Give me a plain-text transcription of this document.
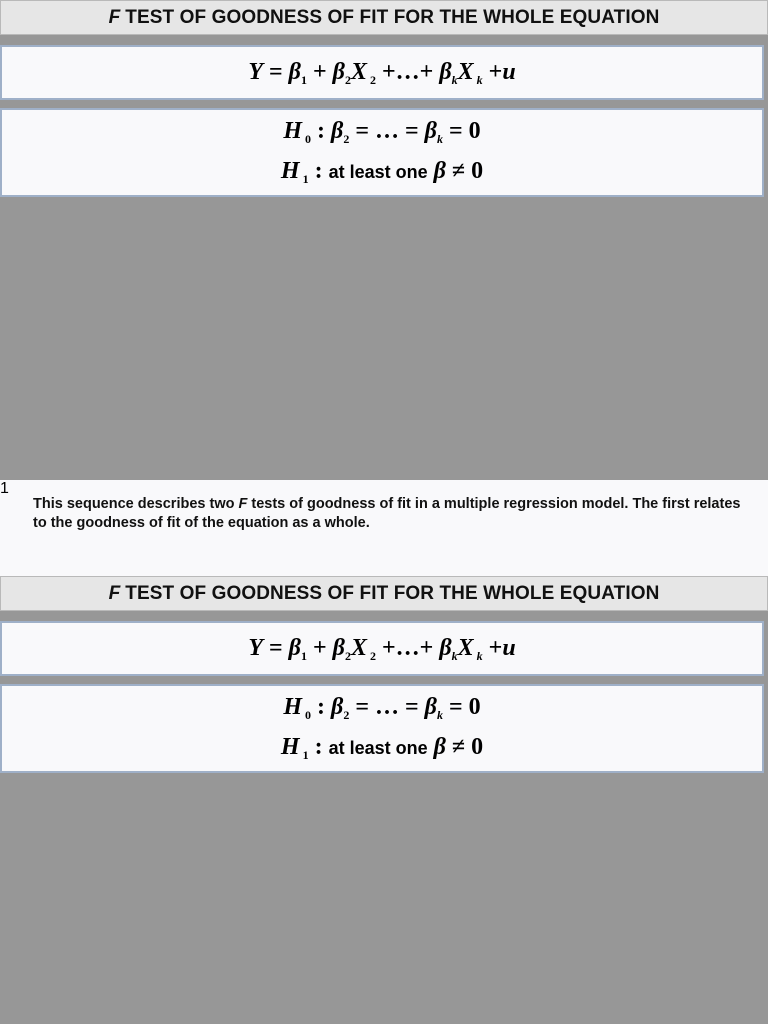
F TEST OF GOODNESS OF FIT FOR THE WHOLE EQUATION
$Y = \beta_1 + \beta_2X$ $_2$ +…+ $\beta_kX$ $_k$ +u
H $_0$ : $\beta_2$ = … = $\beta_k = 0$
H $_1$ : at least one β ≠ 0

This sequence describes two F tests of goodness of fit in a multiple regression model. The first relates to the goodness of fit of the equation as a whole.

1
F TEST OF GOODNESS OF FIT FOR THE WHOLE EQUATION
$Y = \beta_1 + \beta_2X$ $_2$ +…+ $\beta_kX$ $_k$ +u
H $_0$ : $\beta_2$ = … = $\beta_k = 0$
H $_1$ : at least one β ≠ 0
